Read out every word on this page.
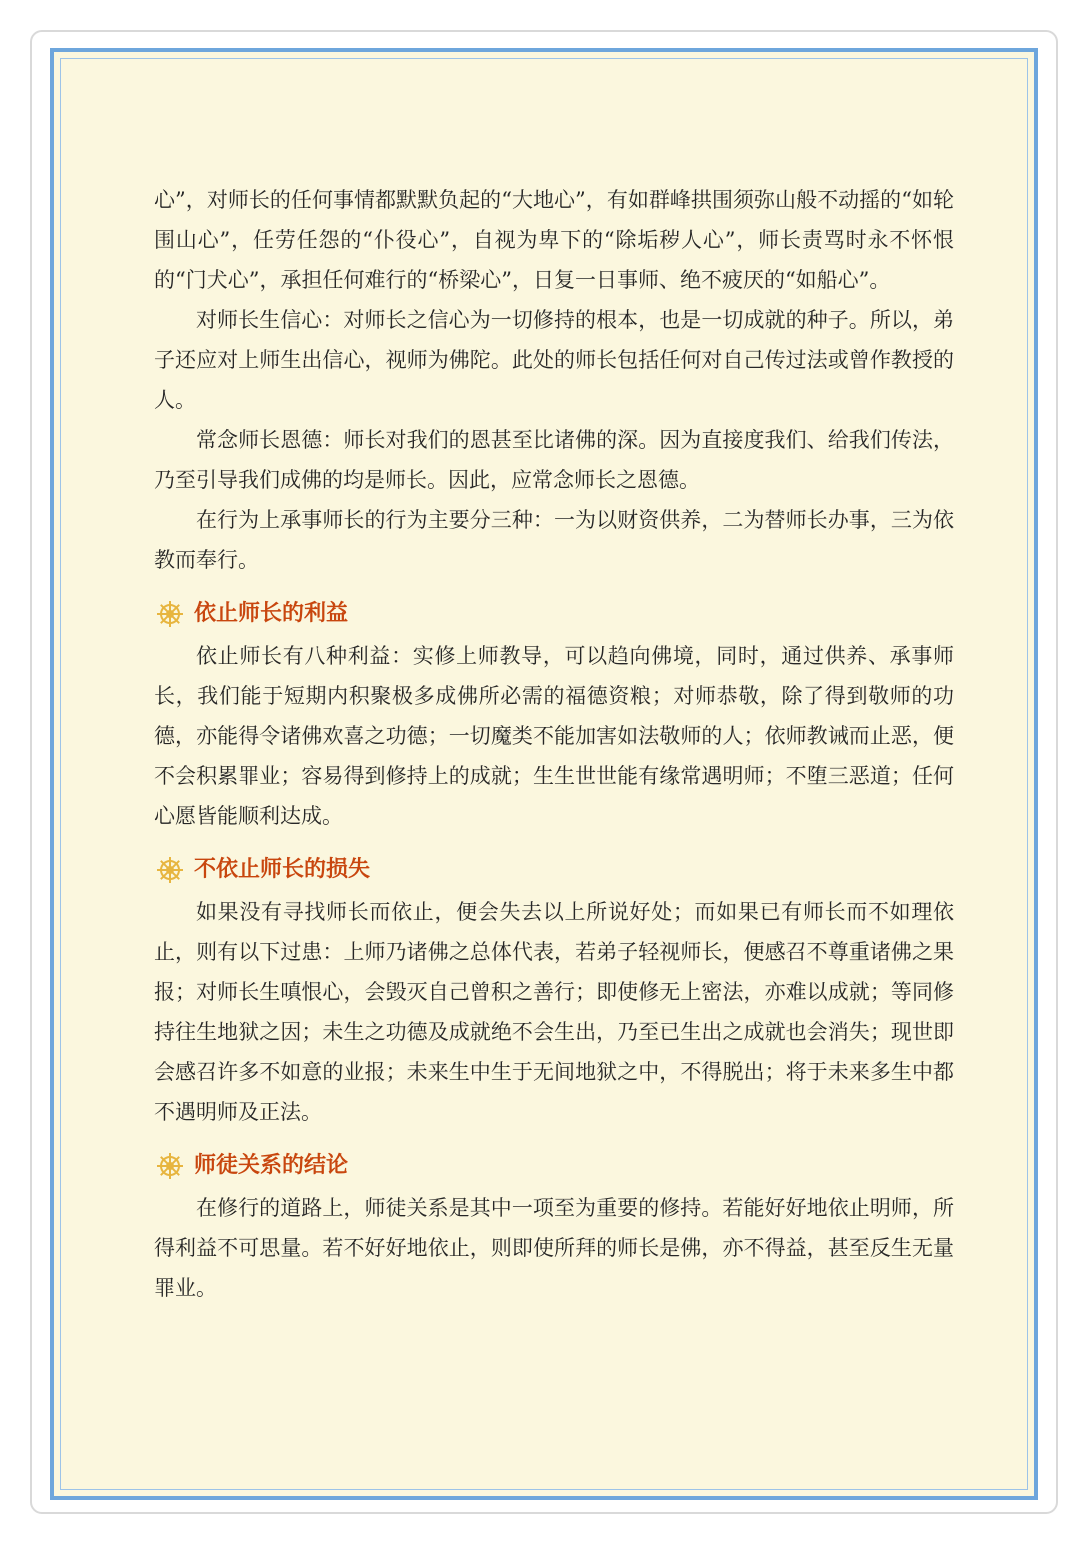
心”，对师长的任何事情都默默负起的“大地心”，有如群峰拱围须弥山般不动摇的“如轮围山心”，任劳任怨的“仆役心”，自视为卑下的“除垢秽人心”，师长责骂时永不怀恨的“门犬心”，承担任何难行的“桥梁心”，日复一日事师、绝不疲厌的“如船心”。

对师长生信心：对师长之信心为一切修持的根本，也是一切成就的种子。所以，弟子还应对上师生出信心，视师为佛陀。此处的师长包括任何对自己传过法或曾作教授的人。

常念师长恩德：师长对我们的恩甚至比诸佛的深。因为直接度我们、给我们传法，乃至引导我们成佛的均是师长。因此，应常念师长之恩德。

在行为上承事师长的行为主要分三种：一为以财资供养，二为替师长办事，三为依教而奉行。

依止师长的利益

依止师长有八种利益：实修上师教导，可以趋向佛境，同时，通过供养、承事师长，我们能于短期内积聚极多成佛所必需的福德资粮；对师恭敬，除了得到敬师的功德，亦能得令诸佛欢喜之功德；一切魔类不能加害如法敬师的人；依师教诫而止恶，便不会积累罪业；容易得到修持上的成就；生生世世能有缘常遇明师；不堕三恶道；任何心愿皆能顺利达成。

不依止师长的损失

如果没有寻找师长而依止，便会失去以上所说好处；而如果已有师长而不如理依止，则有以下过患：上师乃诸佛之总体代表，若弟子轻视师长，便感召不尊重诸佛之果报；对师长生嗔恨心，会毁灭自己曾积之善行；即使修无上密法，亦难以成就；等同修持往生地狱之因；未生之功德及成就绝不会生出，乃至已生出之成就也会消失；现世即会感召许多不如意的业报；未来生中生于无间地狱之中，不得脱出；将于未来多生中都不遇明师及正法。

师徒关系的结论

在修行的道路上，师徒关系是其中一项至为重要的修持。若能好好地依止明师，所得利益不可思量。若不好好地依止，则即使所拜的师长是佛，亦不得益，甚至反生无量罪业。
